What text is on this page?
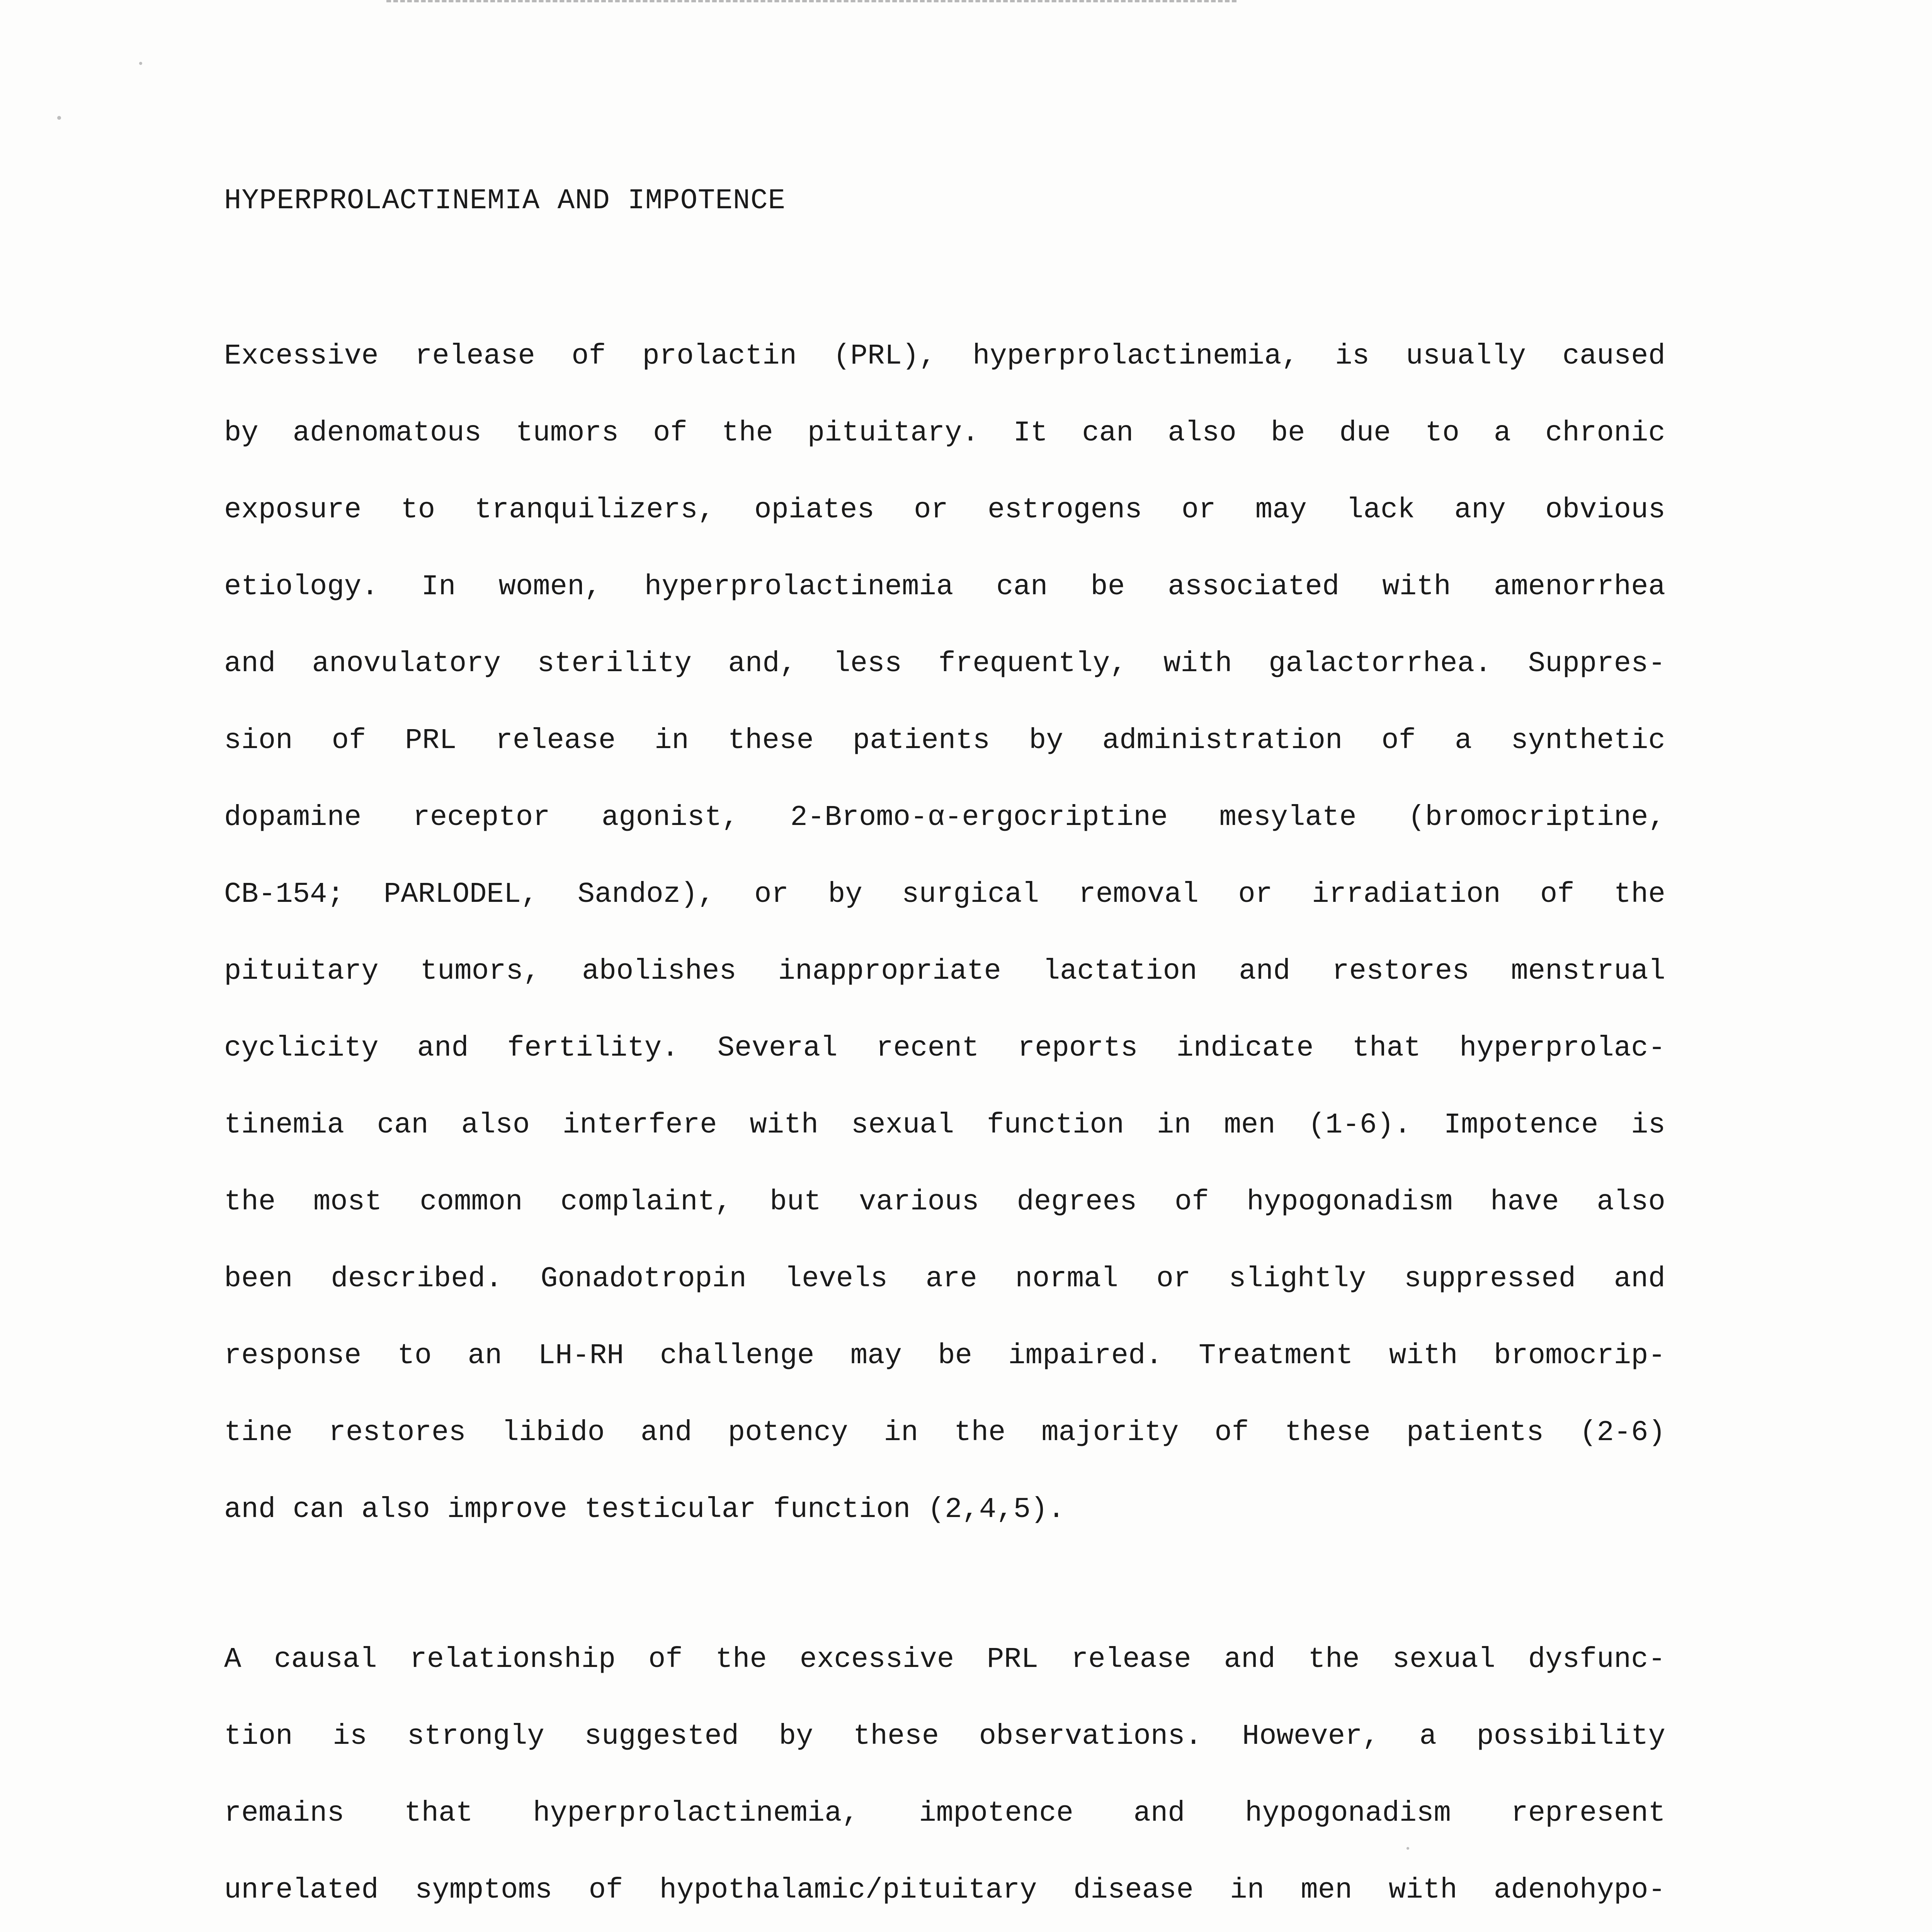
HYPERPROLACTINEMIA AND IMPOTENCE
Excessive release of prolactin (PRL), hyperprolactinemia, is usually caused
by adenomatous tumors of the pituitary. It can also be due to a chronic
exposure to tranquilizers, opiates or estrogens or may lack any obvious
etiology. In women, hyperprolactinemia can be associated with amenorrhea
and anovulatory sterility and, less frequently, with galactorrhea. Suppres-
sion of PRL release in these patients by administration of a synthetic
dopamine receptor agonist, 2-Bromo-α-ergocriptine mesylate (bromocriptine,
CB-154; PARLODEL, Sandoz), or by surgical removal or irradiation of the
pituitary tumors, abolishes inappropriate lactation and restores menstrual
cyclicity and fertility. Several recent reports indicate that hyperprolac-
tinemia can also interfere with sexual function in men (1-6). Impotence is
the most common complaint, but various degrees of hypogonadism have also
been described. Gonadotropin levels are normal or slightly suppressed and
response to an LH-RH challenge may be impaired. Treatment with bromocrip-
tine restores libido and potency in the majority of these patients (2-6)
and can also improve testicular function (2,4,5).
A causal relationship of the excessive PRL release and the sexual dysfunc-
tion is strongly suggested by these observations. However, a possibility
remains that hyperprolactinemia, impotence and hypogonadism represent
unrelated symptoms of hypothalamic/pituitary disease in men with adenohypo-
